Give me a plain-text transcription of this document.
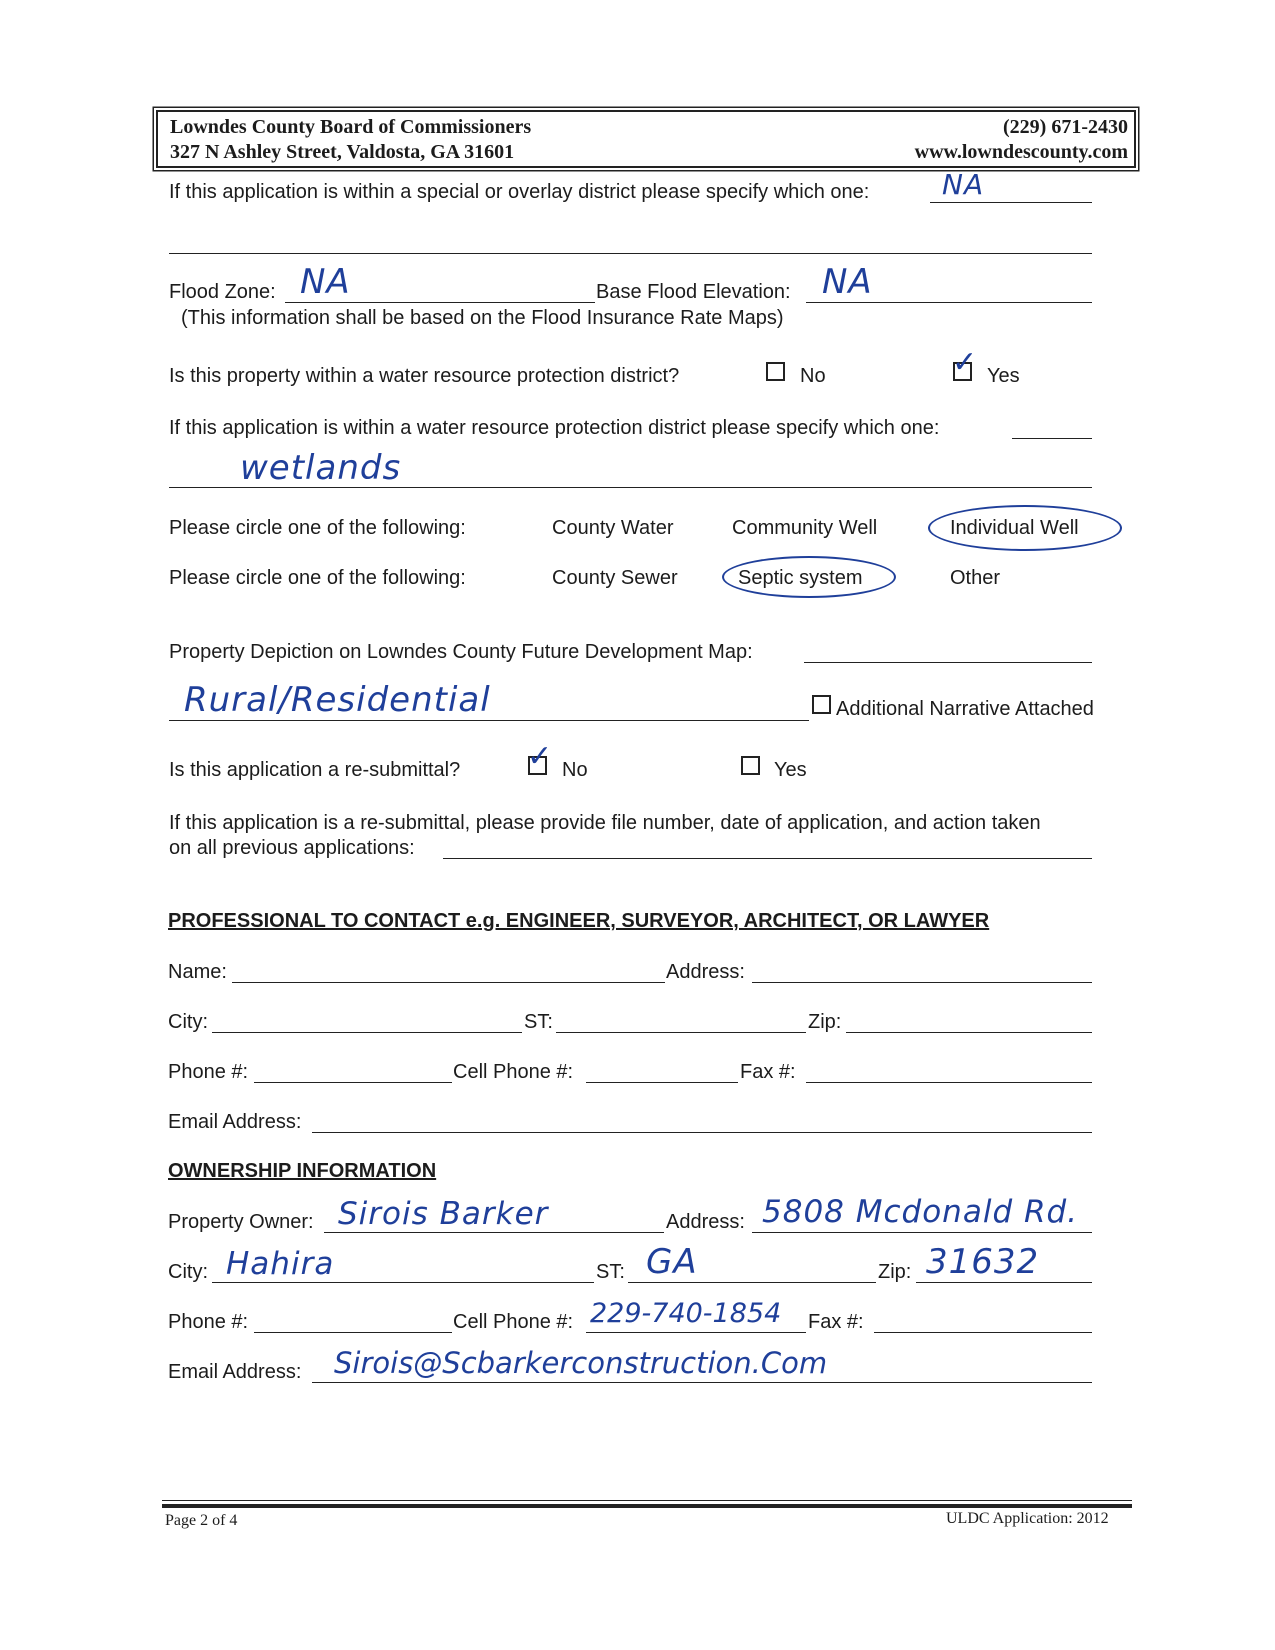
Lowndes County Board of Commissioners
327 N Ashley Street, Valdosta, GA 31601
(229) 671-2430
www.lowndescounty.com
If this application is within a special or overlay district please specify which one:	NA
Flood Zone: NA	Base Flood Elevation: NA
(This information shall be based on the Flood Insurance Rate Maps)
Is this property within a water resource protection district?	No	✓ Yes
If this application is within a water resource protection district please specify which one:
wetlands
Please circle one of the following:	County Water	Community Well	Individual Well
Please circle one of the following:	County Sewer	Septic system	Other
Property Depiction on Lowndes County Future Development Map:
Rural/Residential	Additional Narrative Attached
Is this application a re-submittal? ✓ No	Yes
If this application is a re-submittal, please provide file number, date of application, and action taken
on all previous applications:
PROFESSIONAL TO CONTACT e.g. ENGINEER, SURVEYOR, ARCHITECT, OR LAWYER
Name:	Address:
City:	ST:	Zip:
Phone #:	Cell Phone #:	Fax #:
Email Address:
OWNERSHIP INFORMATION
Property Owner: Sirois Barker	Address: 5808 Mcdonald Rd.
City: Hahira	ST: GA	Zip: 31632
Phone #:	Cell Phone #: 229-740-1854 Fax #:
Email Address: Sirois@Scbarkerconstruction.Com
Page 2 of 4	ULDC Application: 2012
